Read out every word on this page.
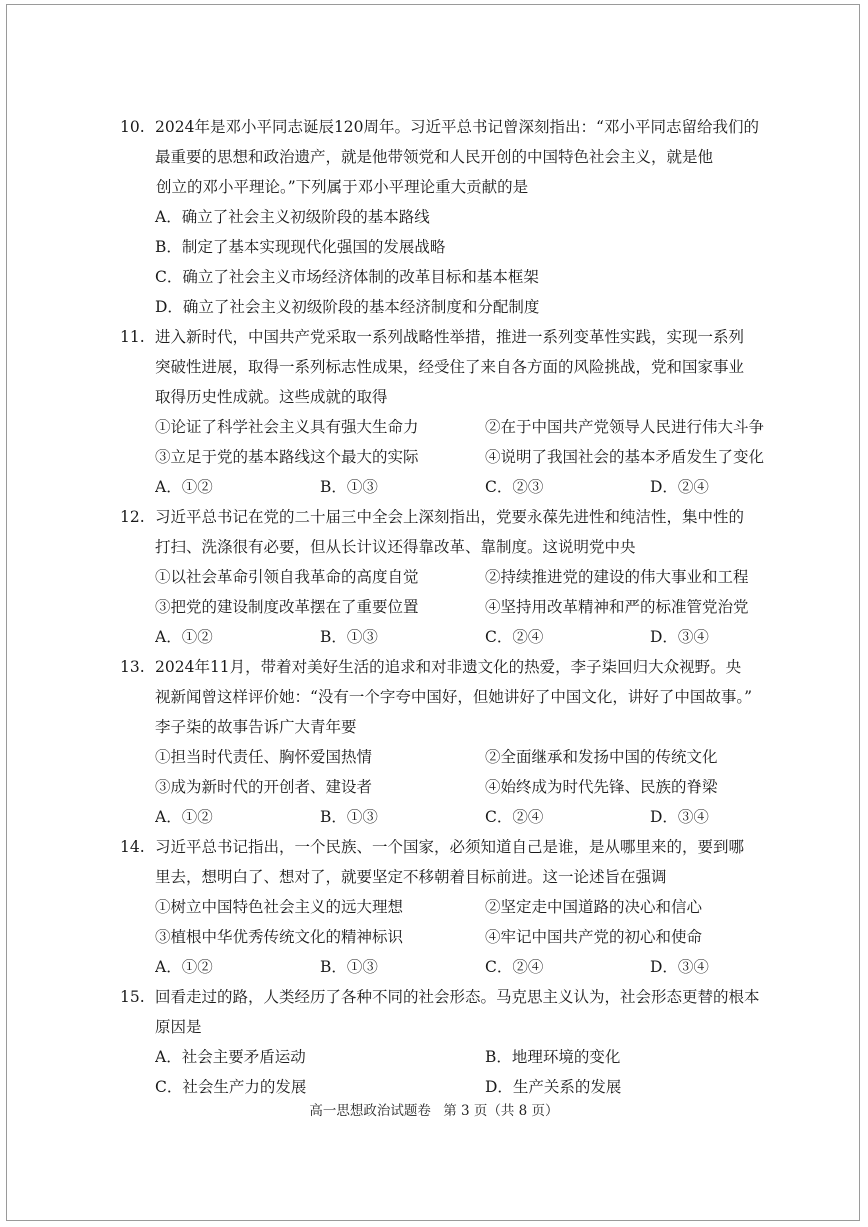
10. 2024年是邓小平同志诞辰120周年。习近平总书记曾深刻指出：“邓小平同志留给我们的
最重要的思想和政治遗产，就是他带领党和人民开创的中国特色社会主义，就是他
创立的邓小平理论。”下列属于邓小平理论重大贡献的是
A．确立了社会主义初级阶段的基本路线
B．制定了基本实现现代化强国的发展战略
C．确立了社会主义市场经济体制的改革目标和基本框架
D．确立了社会主义初级阶段的基本经济制度和分配制度
11. 进入新时代，中国共产党采取一系列战略性举措，推进一系列变革性实践，实现一系列
突破性进展，取得一系列标志性成果，经受住了来自各方面的风险挑战，党和国家事业
取得历史性成就。这些成就的取得
①论证了科学社会主义具有强大生命力	②在于中国共产党领导人民进行伟大斗争
③立足于党的基本路线这个最大的实际	④说明了我国社会的基本矛盾发生了变化
A．①②	B．①③	C．②③	D．②④
12. 习近平总书记在党的二十届三中全会上深刻指出，党要永葆先进性和纯洁性，集中性的
打扫、洗涤很有必要，但从长计议还得靠改革、靠制度。这说明党中央
①以社会革命引领自我革命的高度自觉	②持续推进党的建设的伟大事业和工程
③把党的建设制度改革摆在了重要位置	④坚持用改革精神和严的标准管党治党
A．①②	B．①③	C．②④	D．③④
13. 2024年11月，带着对美好生活的追求和对非遗文化的热爱，李子柒回归大众视野。央
视新闻曾这样评价她：“没有一个字夸中国好，但她讲好了中国文化，讲好了中国故事。”
李子柒的故事告诉广大青年要
①担当时代责任、胸怀爱国热情	②全面继承和发扬中国的传统文化
③成为新时代的开创者、建设者	④始终成为时代先锋、民族的脊梁
A．①②	B．①③	C．②④	D．③④
14. 习近平总书记指出，一个民族、一个国家，必须知道自己是谁，是从哪里来的，要到哪
里去，想明白了、想对了，就要坚定不移朝着目标前进。这一论述旨在强调
①树立中国特色社会主义的远大理想	②坚定走中国道路的决心和信心
③植根中华优秀传统文化的精神标识	④牢记中国共产党的初心和使命
A．①②	B．①③	C．②④	D．③④
15. 回看走过的路，人类经历了各种不同的社会形态。马克思主义认为，社会形态更替的根本
原因是
A．社会主要矛盾运动	B．地理环境的变化
C．社会生产力的发展	D．生产关系的发展
高一思想政治试题卷 第 3 页（共 8 页）
